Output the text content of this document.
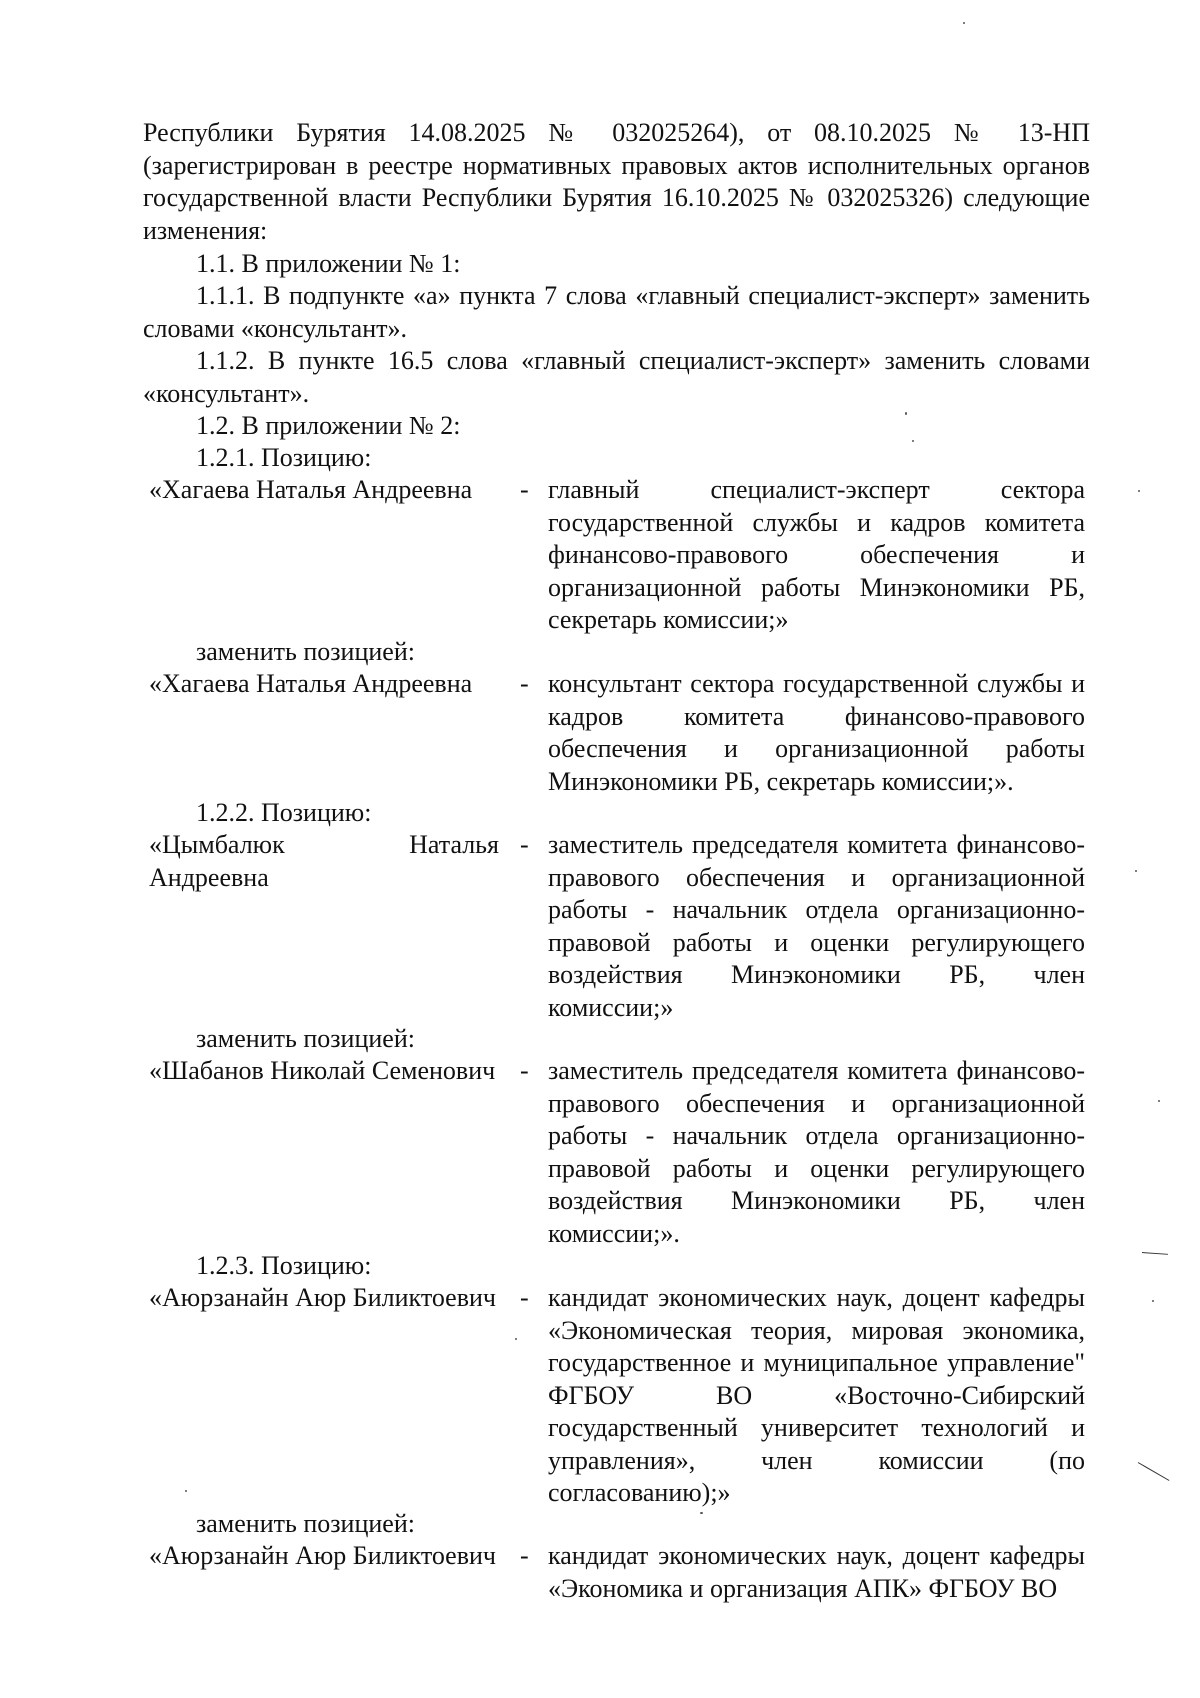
Республики Бурятия 14.08.2025 № 032025264), от 08.10.2025 № 13-НП (зарегистрирован в реестре нормативных правовых актов исполнительных органов государственной власти Республики Бурятия 16.10.2025 № 032025326) следующие изменения:

1.1. В приложении № 1:

1.1.1. В подпункте «а» пункта 7 слова «главный специалист-эксперт» заменить словами «консультант».

1.1.2. В пункте 16.5 слова «главный специалист-эксперт» заменить словами «консультант».

1.2. В приложении № 2:
1.2.1. Позицию:
«Хагаева Наталья Андреевна	- главный специалист-эксперт сектора государственной службы и кадров комитета финансово-правового обеспечения и организационной работы Минэкономики РБ, секретарь комиссии;»
заменить позицией:
«Хагаева Наталья Андреевна	- консультант сектора государственной службы и кадров комитета финансово-правового обеспечения и организационной работы Минэкономики РБ, секретарь комиссии;».
1.2.2. Позицию:
«Цымбалюк Наталья Андреевна
- заместитель председателя комитета финансово-правового обеспечения и организационной работы - начальник отдела организационно-правовой работы и оценки регулирующего воздействия Минэкономики РБ, член комиссии;»
заменить позицией:
«Шабанов Николай Семенович - заместитель председателя комитета финансово-правового обеспечения и организационной работы - начальник отдела организационно-правовой работы и оценки регулирующего воздействия Минэкономики РБ, член комиссии;».
1.2.3. Позицию:
«Аюрзанайн Аюр Биликтоевич - кандидат экономических наук, доцент кафедры «Экономическая теория, мировая экономика, государственное и муниципальное управление" ФГБОУ ВО «Восточно-Сибирский государственный университет технологий и управления», член комиссии (по согласованию);»
заменить позицией:
«Аюрзанайн Аюр Биликтоевич - кандидат экономических наук, доцент кафедры «Экономика и организация АПК» ФГБОУ ВО
